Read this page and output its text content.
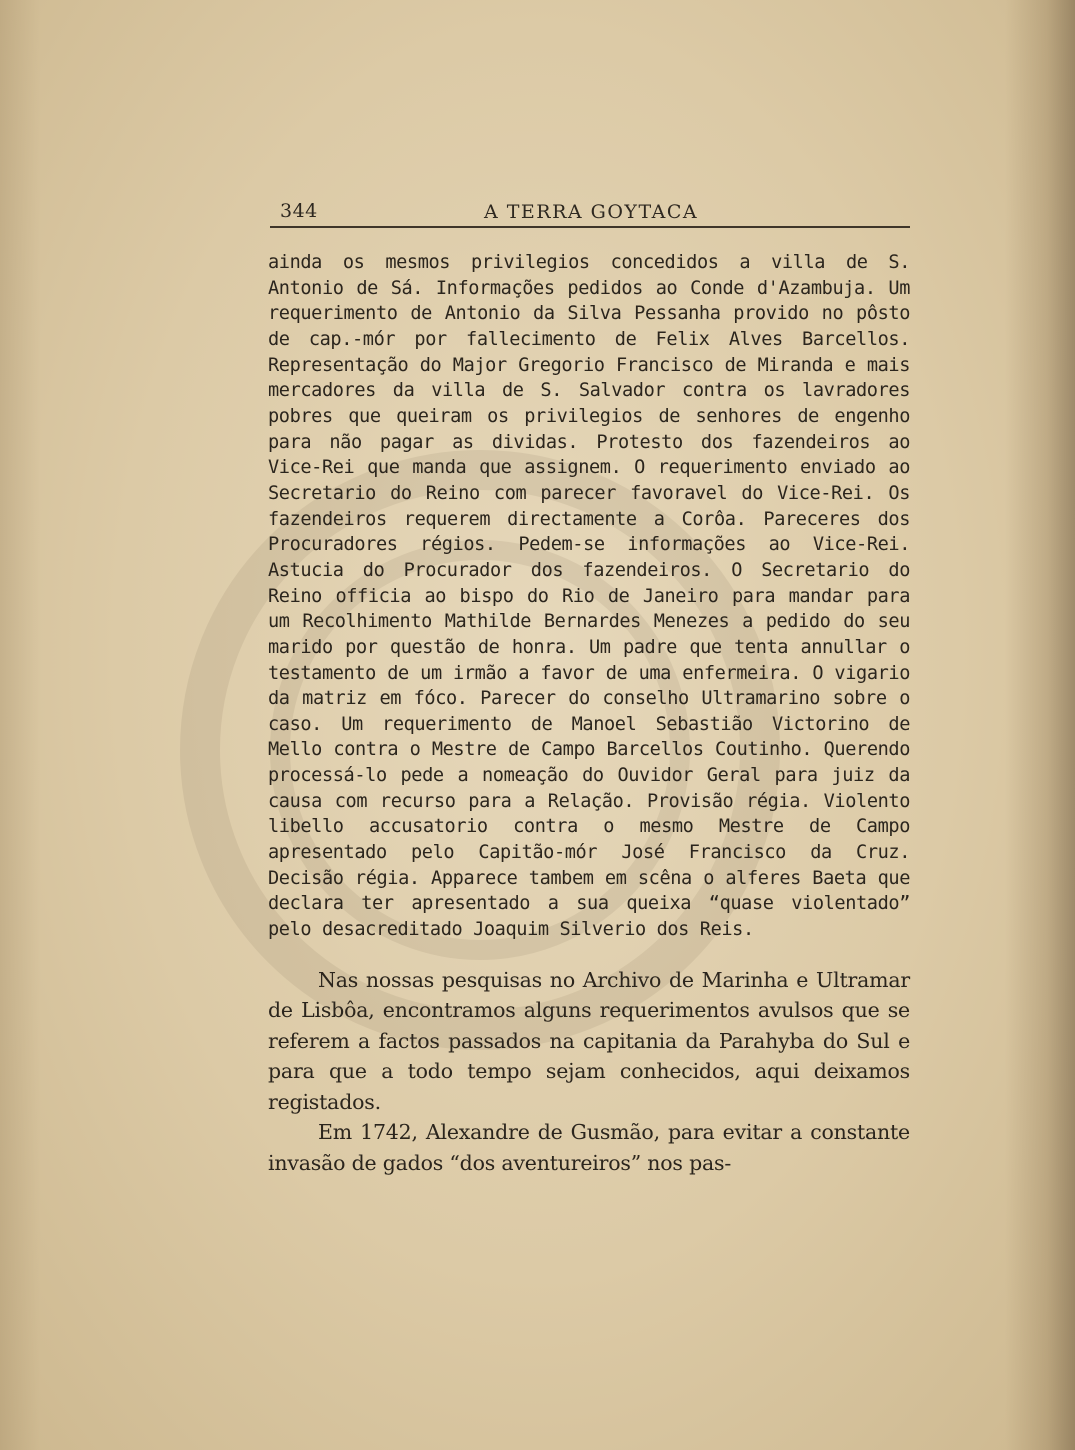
344	A TERRA GOYTACA

ainda os mesmos privilegios concedidos a villa de S. Antonio de Sá. Informações pedidos ao Conde d'Azambuja. Um requerimento de Antonio da Silva Pessanha provido no pôsto de cap.-mór por fallecimento de Felix Alves Barcellos. Representação do Major Gregorio Francisco de Miranda e mais mercadores da villa de S. Salvador contra os lavradores pobres que queiram os privilegios de senhores de engenho para não pagar as dividas. Protesto dos fazendeiros ao Vice-Rei que manda que assignem. O requerimento enviado ao Secretario do Reino com parecer favoravel do Vice-Rei. Os fazendeiros requerem directamente a Corôa. Pareceres dos Procuradores régios. Pedem-se informações ao Vice-Rei. Astucia do Procurador dos fazendeiros. O Secretario do Reino officia ao bispo do Rio de Janeiro para mandar para um Recolhimento Mathilde Bernardes Menezes a pedido do seu marido por questão de honra. Um padre que tenta annullar o testamento de um irmão a favor de uma enfermeira. O vigario da matriz em fóco. Parecer do conselho Ultramarino sobre o caso. Um requerimento de Manoel Sebastião Victorino de Mello contra o Mestre de Campo Barcellos Coutinho. Querendo processá-lo pede a nomeação do Ouvidor Geral para juiz da causa com recurso para a Relação. Provisão régia. Violento libello accusatorio contra o mesmo Mestre de Campo apresentado pelo Capitão-mór José Francisco da Cruz. Decisão régia. Apparece tambem em scêna o alferes Baeta que declara ter apresentado a sua queixa “quase violentado” pelo desacreditado Joaquim Silverio dos Reis.

Nas nossas pesquisas no Archivo de Marinha e Ultramar de Lisbôa, encontramos alguns requerimentos avulsos que se referem a factos passados na capitania da Parahyba do Sul e para que a todo tempo sejam conhecidos, aqui deixamos registados.

Em 1742, Alexandre de Gusmão, para evitar a constante invasão de gados “dos aventureiros” nos pas-
